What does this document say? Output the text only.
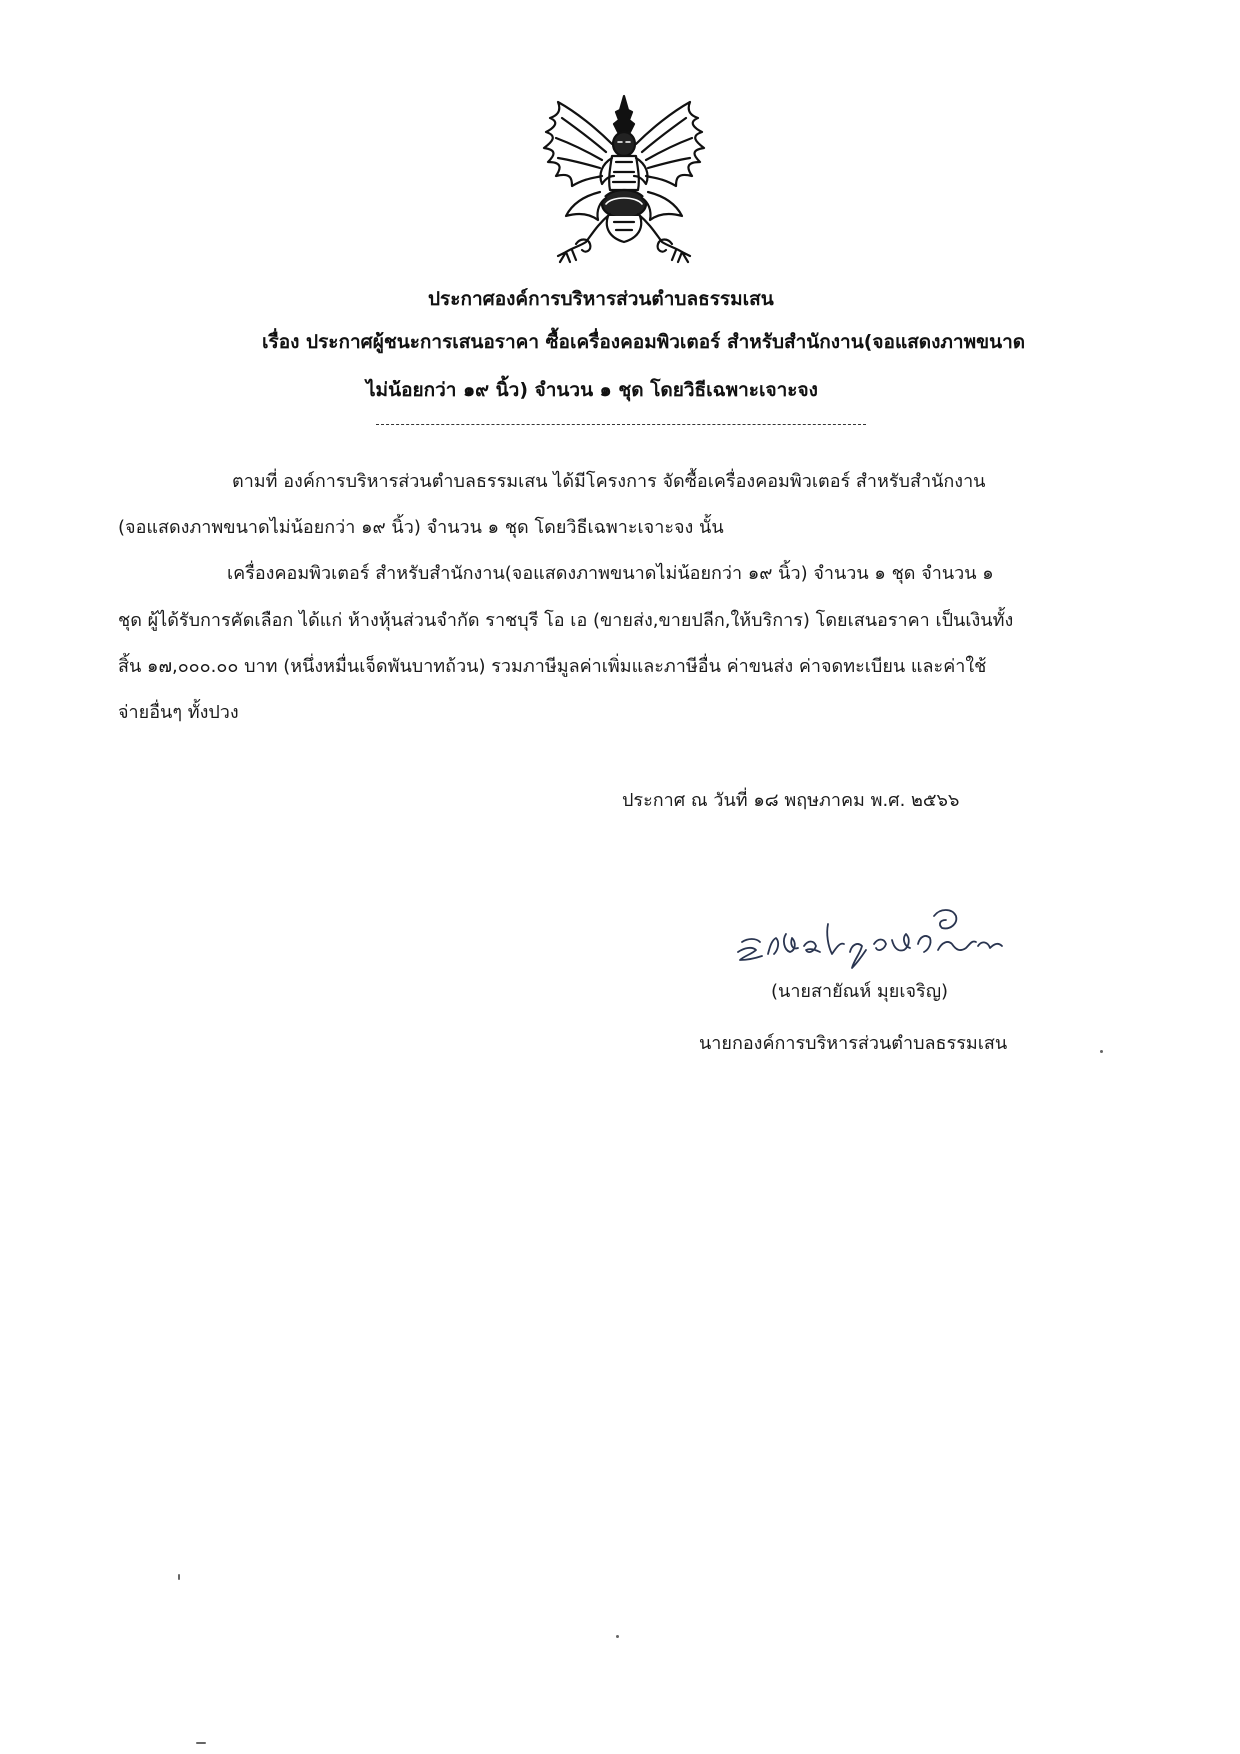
ประกาศองค์การบริหารส่วนตำบลธรรมเสน
เรื่อง ประกาศผู้ชนะการเสนอราคา ซื้อเครื่องคอมพิวเตอร์ สำหรับสำนักงาน(จอแสดงภาพขนาด
ไม่น้อยกว่า ๑๙ นิ้ว) จำนวน ๑ ชุด โดยวิธีเฉพาะเจาะจง
ตามที่ องค์การบริหารส่วนตำบลธรรมเสน ได้มีโครงการ จัดซื้อเครื่องคอมพิวเตอร์ สำหรับสำนักงาน
(จอแสดงภาพขนาดไม่น้อยกว่า ๑๙ นิ้ว) จำนวน ๑ ชุด โดยวิธีเฉพาะเจาะจง นั้น
เครื่องคอมพิวเตอร์ สำหรับสำนักงาน(จอแสดงภาพขนาดไม่น้อยกว่า ๑๙ นิ้ว) จำนวน ๑ ชุด จำนวน ๑
ชุด ผู้ได้รับการคัดเลือก ได้แก่ ห้างหุ้นส่วนจำกัด ราชบุรี โอ เอ (ขายส่ง,ขายปลีก,ให้บริการ) โดยเสนอราคา เป็นเงินทั้ง
สิ้น ๑๗,๐๐๐.๐๐ บาท (หนึ่งหมื่นเจ็ดพันบาทถ้วน) รวมภาษีมูลค่าเพิ่มและภาษีอื่น ค่าขนส่ง ค่าจดทะเบียน และค่าใช้
จ่ายอื่นๆ ทั้งปวง
ประกาศ ณ วันที่ ๑๘ พฤษภาคม พ.ศ. ๒๕๖๖
(นายสายัณห์ มุยเจริญ)
นายกองค์การบริหารส่วนตำบลธรรมเสน
